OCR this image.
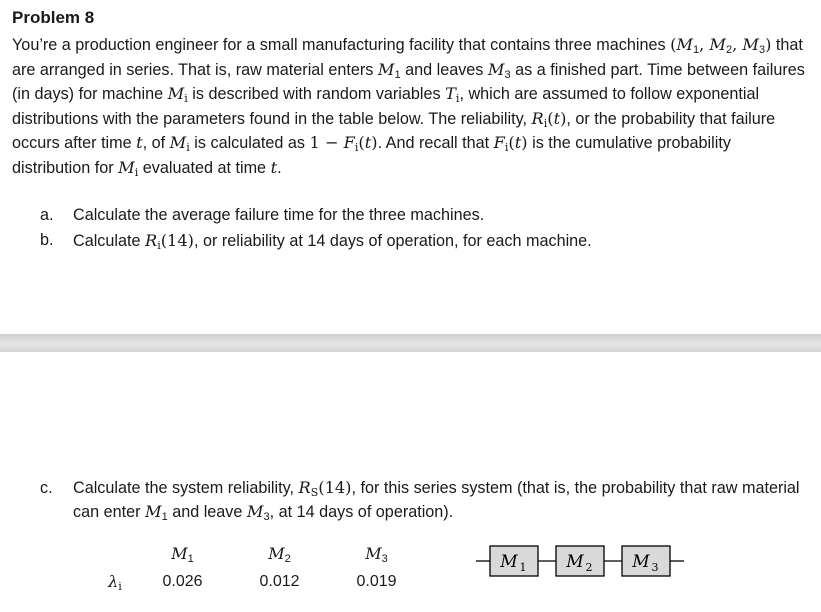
Problem 8

You’re a production engineer for a small manufacturing facility that contains three machines ($M_1$, $M_2$, $M_3$) that are arranged in series. That is, raw material enters $M_1$ and leaves $M_3$ as a finished part. Time between failures (in days) for machine $M_i$ is described with random variables $T_i$, which are assumed to follow exponential distributions with the parameters found in the table below. The reliability, $R_i(t)$, or the probability that failure occurs after time t, of $M_i$ is calculated as $1 - F_i(t)$. And recall that $F_i(t)$ is the cumulative probability distribution for $M_i$ evaluated at time t.

a. Calculate the average failure time for the three machines.
b. Calculate $R_i(14)$, or reliability at 14 days of operation, for each machine.
c. Calculate the system reliability, $R_S(14)$, for this series system (that is, the probability that raw material can enter $M_1$ and leave $M_3$, at 14 days of operation).
	$M_1$	$M_2$	$M_3$
$\lambda_i$	0.026	0.012	0.019
M 1 M 2 M 3
